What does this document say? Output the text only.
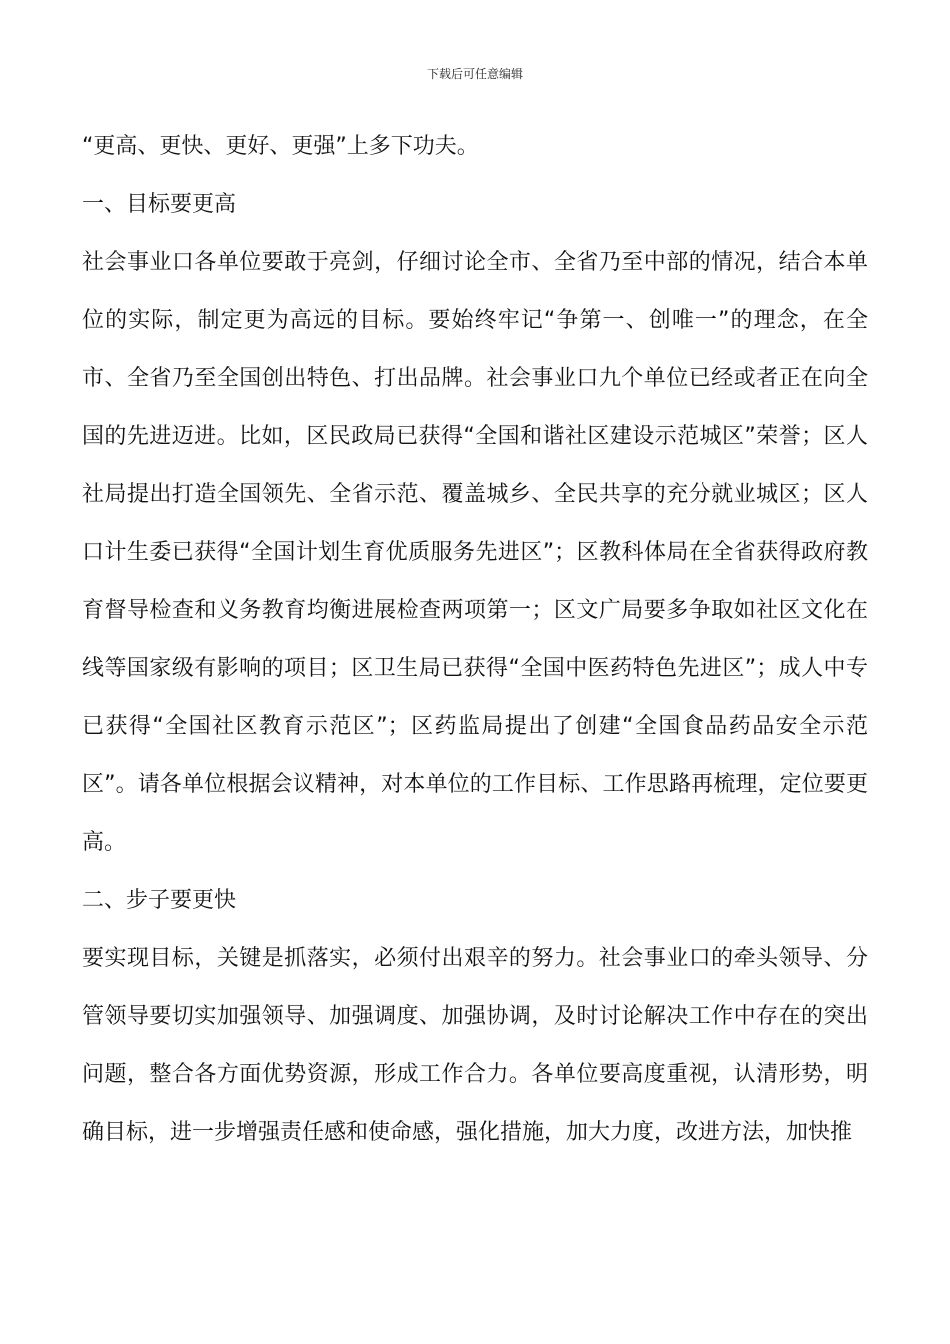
下载后可任意编辑

“更高、更快、更好、更强”上多下功夫。

一、目标要更高

社会事业口各单位要敢于亮剑，仔细讨论全市、全省乃至中部的情况，结合本单位的实际，制定更为高远的目标。要始终牢记“争第一、创唯一”的理念，在全市、全省乃至全国创出特色、打出品牌。社会事业口九个单位已经或者正在向全国的先进迈进。比如，区民政局已获得“全国和谐社区建设示范城区”荣誉；区人社局提出打造全国领先、全省示范、覆盖城乡、全民共享的充分就业城区；区人口计生委已获得“全国计划生育优质服务先进区”；区教科体局在全省获得政府教育督导检查和义务教育均衡进展检查两项第一；区文广局要多争取如社区文化在线等国家级有影响的项目；区卫生局已获得“全国中医药特色先进区”；成人中专已获得“全国社区教育示范区”；区药监局提出了创建“全国食品药品安全示范区”。请各单位根据会议精神，对本单位的工作目标、工作思路再梳理，定位要更高。

二、步子要更快

要实现目标，关键是抓落实，必须付出艰辛的努力。社会事业口的牵头领导、分管领导要切实加强领导、加强调度、加强协调，及时讨论解决工作中存在的突出问题，整合各方面优势资源，形成工作合力。各单位要高度重视，认清形势，明确目标，进一步增强责任感和使命感，强化措施，加大力度，改进方法，加快推
